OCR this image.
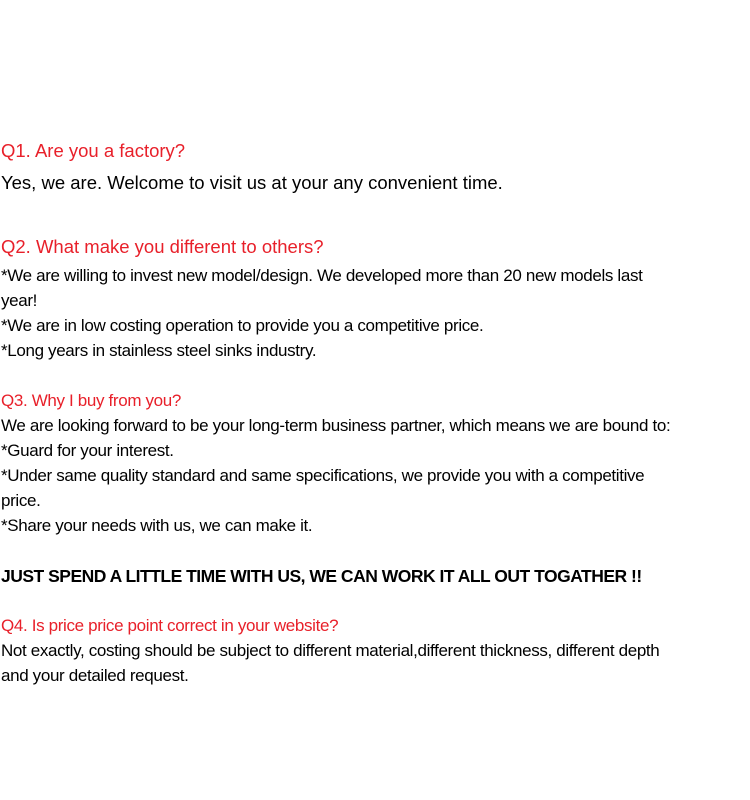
Q1. Are you a factory?
Yes, we are. Welcome to visit us at your any convenient time.
Q2. What make you different to others?
*We are willing to invest new model/design. We developed more than 20 new models last
year!
*We are in low costing operation to provide you a competitive price.
*Long years in stainless steel sinks industry.
Q3. Why I buy from you?
We are looking forward to be your long-term business partner, which means we are bound to:
*Guard for your interest.
*Under same quality standard and same specifications, we provide you with a competitive
price.
*Share your needs with us, we can make it.
JUST SPEND A LITTLE TIME WITH US, WE CAN WORK IT ALL OUT TOGATHER !!
Q4. Is price price point correct in your website?
Not exactly, costing should be subject to different material,different thickness, different depth
and your detailed request.
